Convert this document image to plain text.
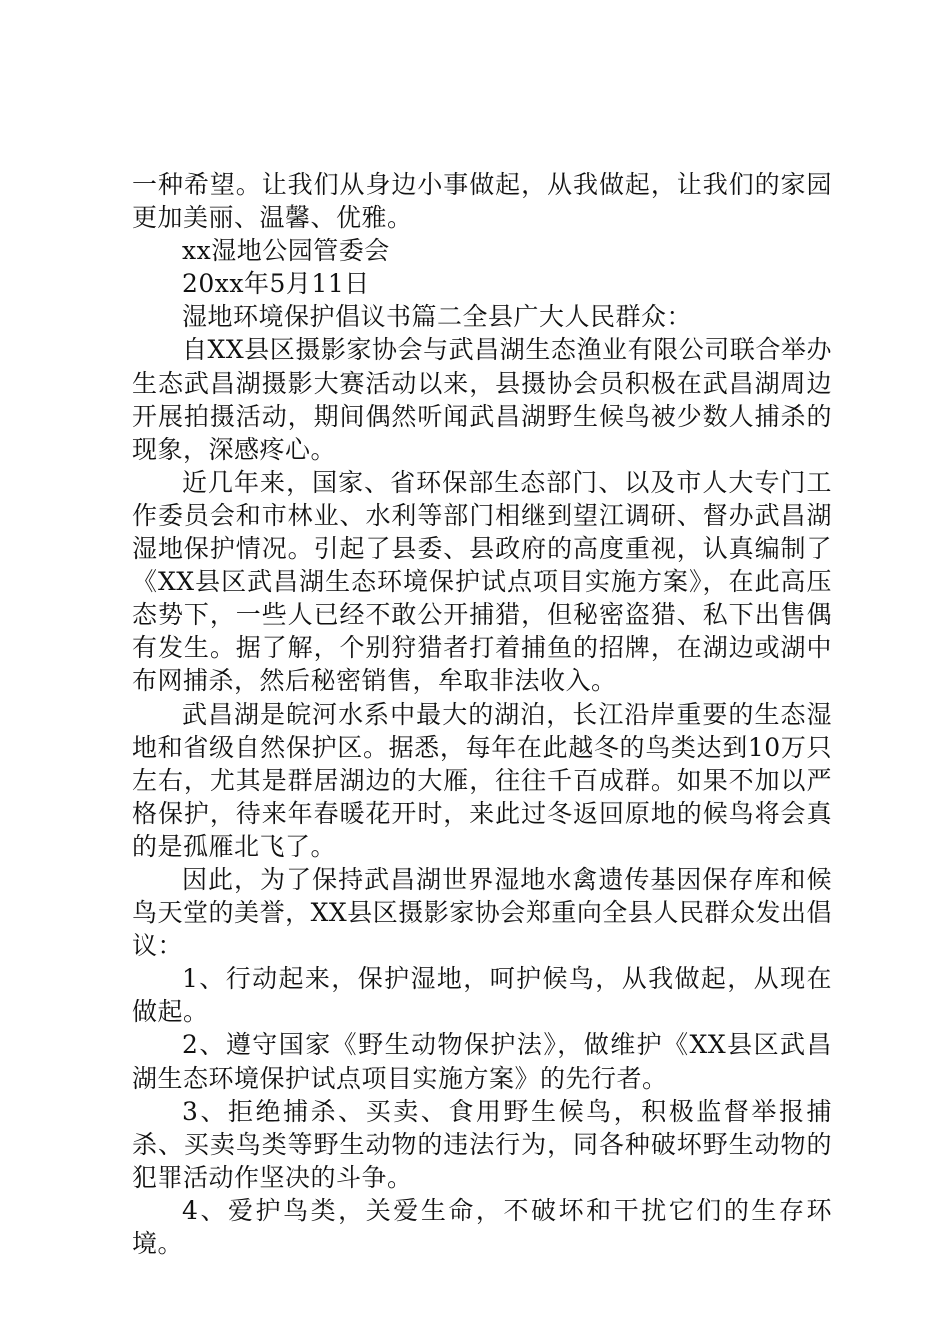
一种希望。让我们从身边小事做起，从我做起，让我们的家园更加美丽、温馨、优雅。

xx湿地公园管委会

20xx年5月11日

湿地环境保护倡议书篇二全县广大人民群众：

自XX县区摄影家协会与武昌湖生态渔业有限公司联合举办生态武昌湖摄影大赛活动以来，县摄协会员积极在武昌湖周边开展拍摄活动，期间偶然听闻武昌湖野生候鸟被少数人捕杀的现象，深感疼心。

近几年来，国家、省环保部生态部门、以及市人大专门工作委员会和市林业、水利等部门相继到望江调研、督办武昌湖湿地保护情况。引起了县委、县政府的高度重视，认真编制了《XX县区武昌湖生态环境保护试点项目实施方案》，在此高压态势下，一些人已经不敢公开捕猎，但秘密盗猎、私下出售偶有发生。据了解，个别狩猎者打着捕鱼的招牌，在湖边或湖中布网捕杀，然后秘密销售，牟取非法收入。

武昌湖是皖河水系中最大的湖泊，长江沿岸重要的生态湿地和省级自然保护区。据悉，每年在此越冬的鸟类达到10万只左右，尤其是群居湖边的大雁，往往千百成群。如果不加以严格保护，待来年春暖花开时，来此过冬返回原地的候鸟将会真的是孤雁北飞了。

因此，为了保持武昌湖世界湿地水禽遗传基因保存库和候鸟天堂的美誉，XX县区摄影家协会郑重向全县人民群众发出倡议：

1、行动起来，保护湿地，呵护候鸟，从我做起，从现在做起。

2、遵守国家《野生动物保护法》，做维护《XX县区武昌湖生态环境保护试点项目实施方案》的先行者。

3、拒绝捕杀、买卖、食用野生候鸟，积极监督举报捕杀、买卖鸟类等野生动物的违法行为，同各种破坏野生动物的犯罪活动作坚决的斗争。

4、爱护鸟类，关爱生命，不破坏和干扰它们的生存环境。
